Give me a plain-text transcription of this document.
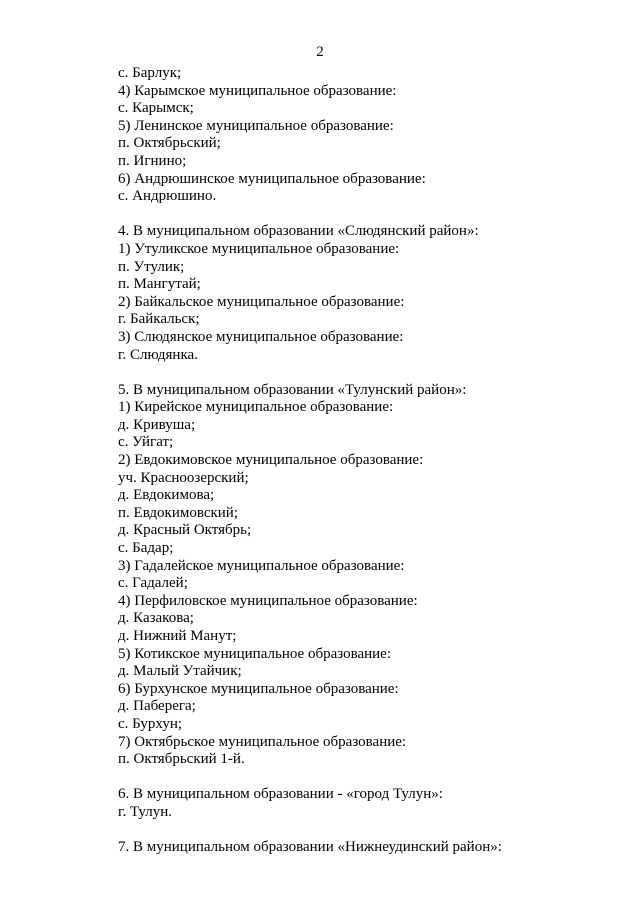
2
с. Барлук;
4) Карымское муниципальное образование:
с. Карымск;
5) Ленинское муниципальное образование:
п. Октябрьский;
п. Игнино;
6) Андрюшинское муниципальное образование:
с. Андрюшино.
4. В муниципальном образовании «Слюдянский район»:
1) Утуликское муниципальное образование:
п. Утулик;
п. Мангутай;
2) Байкальское муниципальное образование:
г. Байкальск;
3) Слюдянское муниципальное образование:
г. Слюдянка.
5. В муниципальном образовании «Тулунский район»:
1) Кирейское муниципальное образование:
д. Кривуша;
с. Уйгат;
2) Евдокимовское муниципальное образование:
уч. Красноозерский;
д. Евдокимова;
п. Евдокимовский;
д. Красный Октябрь;
с. Бадар;
3) Гадалейское муниципальное образование:
с. Гадалей;
4) Перфиловское муниципальное образование:
д. Казакова;
д. Нижний Манут;
5) Котикское муниципальное образование:
д. Малый Утайчик;
6) Бурхунское муниципальное образование:
д. Паберега;
с. Бурхун;
7) Октябрьское муниципальное образование:
п. Октябрьский 1-й.
6. В муниципальном образовании - «город Тулун»:
г. Тулун.
7. В муниципальном образовании «Нижнеудинский район»:
